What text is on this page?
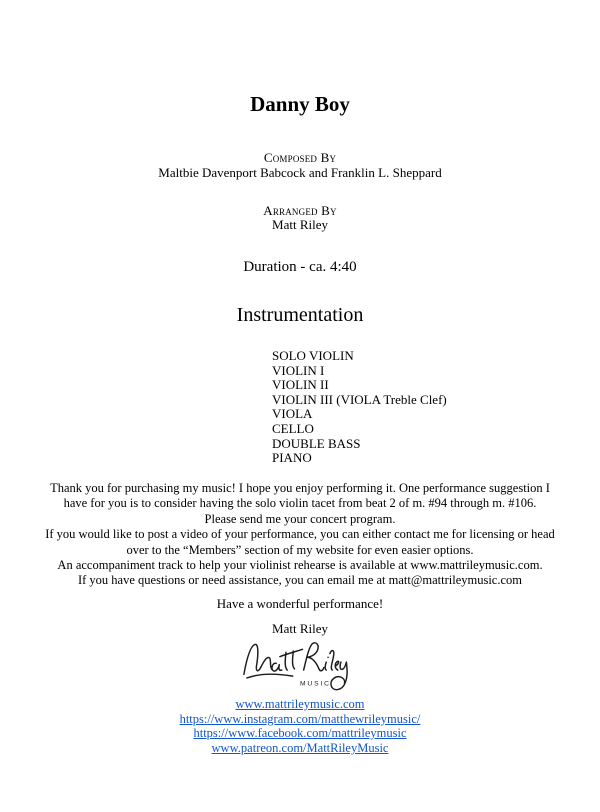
Danny Boy
Composed By
Maltbie Davenport Babcock and Franklin L. Sheppard
Arranged By
Matt Riley
Duration - ca. 4:40
Instrumentation
SOLO VIOLIN
VIOLIN I
VIOLIN II
VIOLIN III (VIOLA Treble Clef)
VIOLA
CELLO
DOUBLE BASS
PIANO
Thank you for purchasing my music! I hope you enjoy performing it. One performance suggestion I
have for you is to consider having the solo violin tacet from beat 2 of m. #94 through m. #106.
Please send me your concert program.
If you would like to post a video of your performance, you can either contact me for licensing or head
over to the “Members” section of my website for even easier options.
An accompaniment track to help your violinist rehearse is available at www.mattrileymusic.com.
If you have questions or need assistance, you can email me at matt@mattrileymusic.com
Have a wonderful performance!
Matt Riley
MUSIC
www.mattrileymusic.com
https://www.instagram.com/matthewrileymusic/
https://www.facebook.com/mattrileymusic
www.patreon.com/MattRileyMusic
